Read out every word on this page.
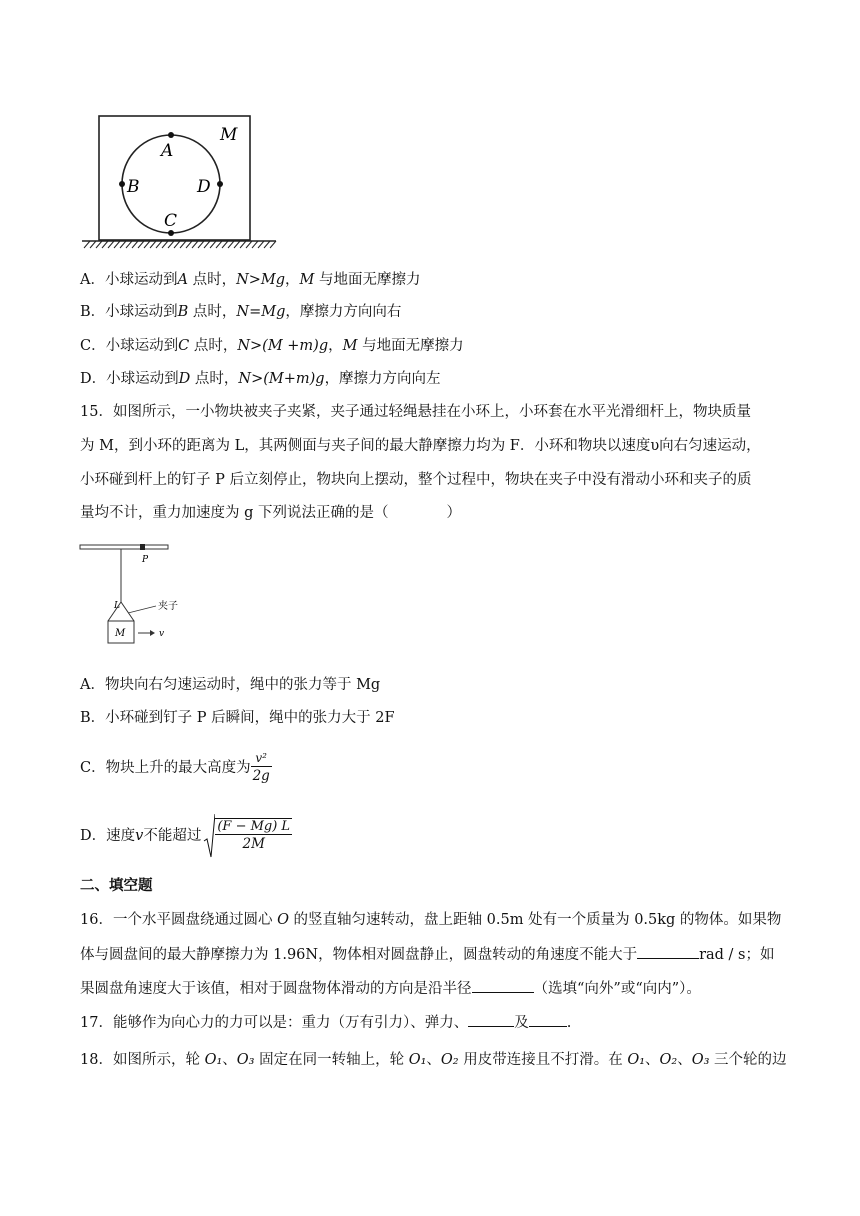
M
A
B	D
C
A．小球运动到A 点时，N>Mg，M 与地面无摩擦力
B．小球运动到B 点时，N=Mg，摩擦力方向向右
C．小球运动到C 点时，N>(M +m)g，M 与地面无摩擦力
D．小球运动到D 点时，N>(M+m)g，摩擦力方向向左
15．如图所示，一小物块被夹子夹紧，夹子通过轻绳悬挂在小环上，小环套在水平光滑细杆上，物块质量
为 M，到小环的距离为 L，其两侧面与夹子间的最大静摩擦力均为 F．小环和物块以速度υ向右匀速运动，
小环碰到杆上的钉子 P 后立刻停止，物块向上摆动，整个过程中，物块在夹子中没有滑动小环和夹子的质
量均不计，重力加速度为 g 下列说法正确的是（　　　　）
P
L	夹子
M	v
A．物块向右匀速运动时，绳中的张力等于 Mg
B．小环碰到钉子 P 后瞬间，绳中的张力大于 2F
C．物块上升的最大高度为 $\frac{\text{v²}}{2g}$
D．速度 v 不能超过 $\frac{(F - Mg) L}{2M}$
二、填空题
16．一个水平圆盘绕通过圆心 O 的竖直轴匀速转动，盘上距轴 0.5m 处有一个质量为 0.5kg 的物体。如果物
体与圆盘间的最大静摩擦力为 1.96N，物体相对圆盘静止，圆盘转动的角速度不能大于	rad / s；如
果圆盘角速度大于该值，相对于圆盘物体滑动的方向是沿半径	（选填“向外”或“向内”）。
17．能够作为向心力的力可以是：重力（万有引力）、弹力、	及	.
18．如图所示，轮 O₁、O₃ 固定在同一转轴上，轮 O₁、O₂ 用皮带连接且不打滑。在 O₁、O₂、O₃ 三个轮的边
